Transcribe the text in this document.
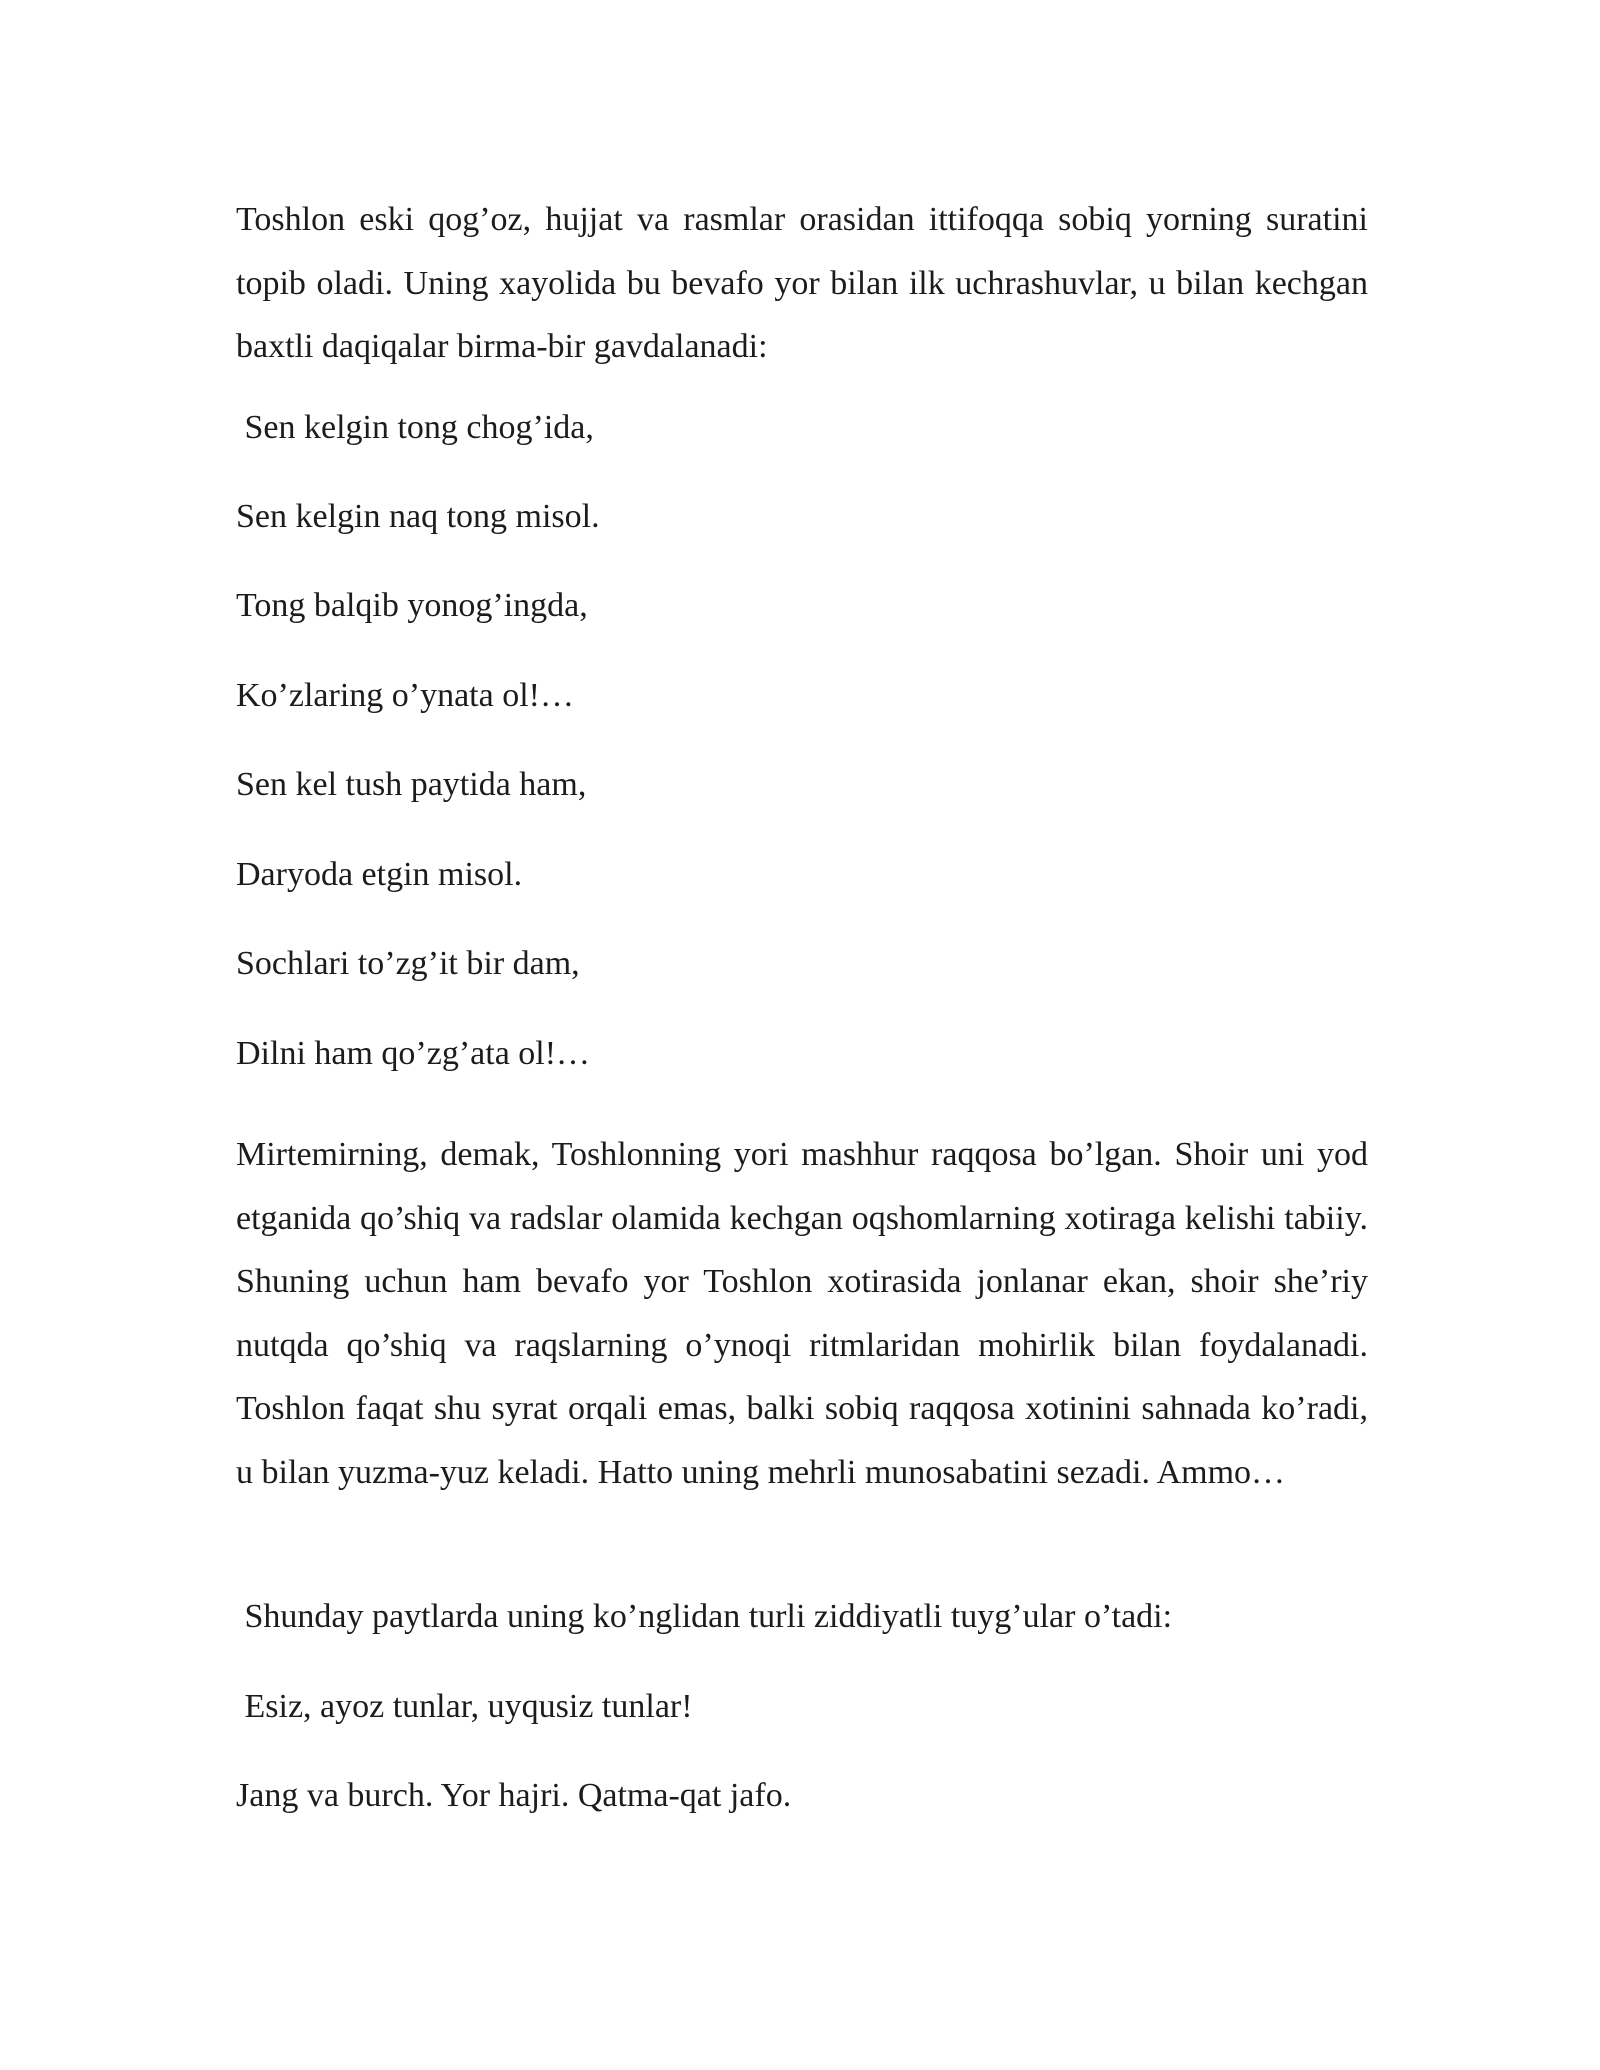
Toshlon eski qog’oz, hujjat va rasmlar orasidan ittifoqqa sobiq yorning suratini topib oladi. Uning xayolida bu bevafo yor bilan ilk uchrashuvlar, u bilan kechgan baxtli daqiqalar birma-bir gavdalanadi:

Sen kelgin tong chog’ida,

Sen kelgin naq tong misol.

Tong balqib yonog’ingda,

Ko’zlaring o’ynata ol!…

Sen kel tush paytida ham,

Daryoda etgin misol.

Sochlari to’zg’it bir dam,

Dilni ham qo’zg’ata ol!…

Mirtemirning, demak, Toshlonning yori mashhur raqqosa bo’lgan. Shoir uni yod etganida qo’shiq va radslar olamida kechgan oqshomlarning xotiraga kelishi tabiiy. Shuning uchun ham bevafo yor Toshlon xotirasida jonlanar ekan, shoir she’riy nutqda qo’shiq va raqslarning o’ynoqi ritmlaridan mohirlik bilan foydalanadi. Toshlon faqat shu syrat orqali emas, balki sobiq raqqosa xotinini sahnada ko’radi, u bilan yuzma-yuz keladi. Hatto uning mehrli munosabatini sezadi. Ammo…

Shunday paytlarda uning ko’nglidan turli ziddiyatli tuyg’ular o’tadi:

Esiz, ayoz tunlar, uyqusiz tunlar!

Jang va burch. Yor hajri. Qatma-qat jafo.
